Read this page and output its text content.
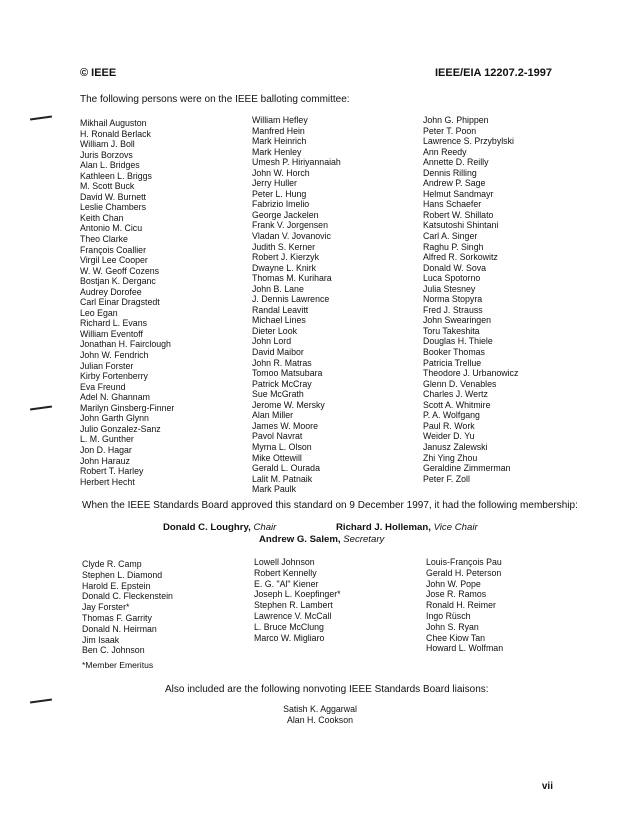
© IEEE	IEEE/EIA 12207.2-1997
The following persons were on the IEEE balloting committee:
Mikhail Auguston
H. Ronald Berlack
William J. Boll
Juris Borzovs
Alan L. Bridges
Kathleen L. Briggs
M. Scott Buck
David W. Burnett
Leslie Chambers
Keith Chan
Antonio M. Cicu
Theo Clarke
François Coallier
Virgil Lee Cooper
W. W. Geoff Cozens
Bostjan K. Derganc
Audrey Dorofee
Carl Einar Dragstedt
Leo Egan
Richard L. Evans
William Eventoff
Jonathan H. Fairclough
John W. Fendrich
Julian Forster
Kirby Fortenberry
Eva Freund
Adel N. Ghannam
Marilyn Ginsberg-Finner
John Garth Glynn
Julio Gonzalez-Sanz
L. M. Gunther
Jon D. Hagar
John Harauz
Robert T. Harley
Herbert Hecht
William Hefley
Manfred Hein
Mark Heinrich
Mark Henley
Umesh P. Hiriyannaiah
John W. Horch
Jerry Huller
Peter L. Hung
Fabrizio Imelio
George Jackelen
Frank V. Jorgensen
Vladan V. Jovanovic
Judith S. Kerner
Robert J. Kierzyk
Dwayne L. Knirk
Thomas M. Kurihara
John B. Lane
J. Dennis Lawrence
Randal Leavitt
Michael Lines
Dieter Look
John Lord
David Maibor
John R. Matras
Tomoo Matsubara
Patrick McCray
Sue McGrath
Jerome W. Mersky
Alan Miller
James W. Moore
Pavol Navrat
Myrna L. Olson
Mike Ottewill
Gerald L. Ourada
Lalit M. Patnaik
Mark Paulk
John G. Phippen
Peter T. Poon
Lawrence S. Przybylski
Ann Reedy
Annette D. Reilly
Dennis Rilling
Andrew P. Sage
Helmut Sandmayr
Hans Schaefer
Robert W. Shillato
Katsutoshi Shintani
Carl A. Singer
Raghu P. Singh
Alfred R. Sorkowitz
Donald W. Sova
Luca Spotorno
Julia Stesney
Norma Stopyra
Fred J. Strauss
John Swearingen
Toru Takeshita
Douglas H. Thiele
Booker Thomas
Patricia Trellue
Theodore J. Urbanowicz
Glenn D. Venables
Charles J. Wertz
Scott A. Whitmire
P. A. Wolfgang
Paul R. Work
Weider D. Yu
Janusz Zalewski
Zhi Ying Zhou
Geraldine Zimmerman
Peter F. Zoll
When the IEEE Standards Board approved this standard on 9 December 1997, it had the following membership:
Donald C. Loughry, Chair	Richard J. Holleman, Vice Chair
Andrew G. Salem, Secretary
Clyde R. Camp
Stephen L. Diamond
Harold E. Epstein
Donald C. Fleckenstein
Jay Forster*
Thomas F. Garrity
Donald N. Heirman
Jim Isaak
Ben C. Johnson
Lowell Johnson
Robert Kennelly
E. G. "Al" Kiener
Joseph L. Koepfinger*
Stephen R. Lambert
Lawrence V. McCall
L. Bruce McClung
Marco W. Migliaro
Louis-François Pau
Gerald H. Peterson
John W. Pope
Jose R. Ramos
Ronald H. Reimer
Ingo Rüsch
John S. Ryan
Chee Kiow Tan
Howard L. Wolfman
*Member Emeritus
Also included are the following nonvoting IEEE Standards Board liaisons:
Satish K. Aggarwal
Alan H. Cookson
vii
